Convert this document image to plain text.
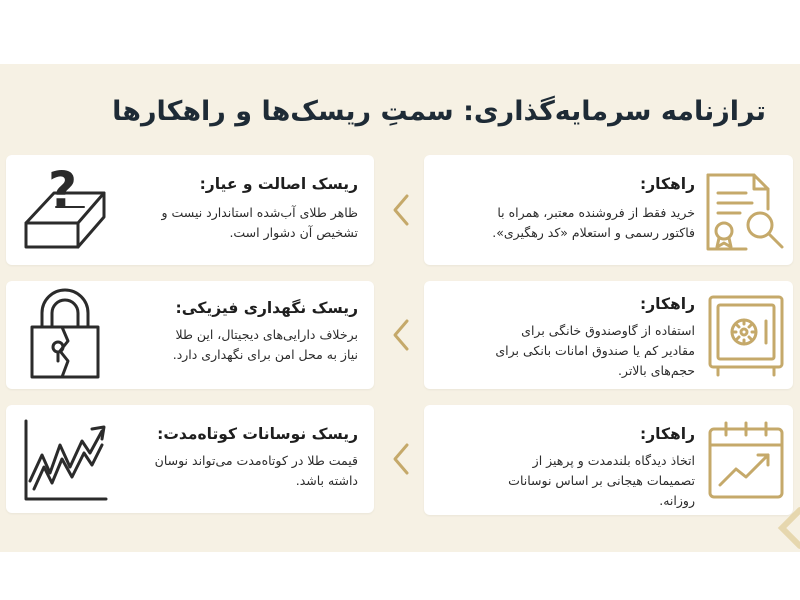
ترازنامه سرمایه‌گذاری: سمتِ ریسک‌ها و راهکارها
?	ریسک اصالت و عیار:
ظاهر طلای آب‌شده استاندارد نیست و
تشخیص آن دشوار است.
راهکار:
خرید فقط از فروشنده معتبر، همراه با
فاکتور رسمی و استعلام «کد رهگیری».
ریسک نگهداری فیزیکی:
برخلاف دارایی‌های دیجیتال، این طلا
نیاز به محل امن برای نگهداری دارد.
راهکار:
استفاده از گاوصندوق خانگی برای
مقادیر کم یا صندوق امانات بانکی برای
حجم‌های بالاتر.
ریسک نوسانات کوتاه‌مدت:
قیمت طلا در کوتاه‌مدت می‌تواند نوسان
داشته باشد.
راهکار:
اتخاذ دیدگاه بلندمدت و پرهیز از
تصمیمات هیجانی بر اساس نوسانات
روزانه.
